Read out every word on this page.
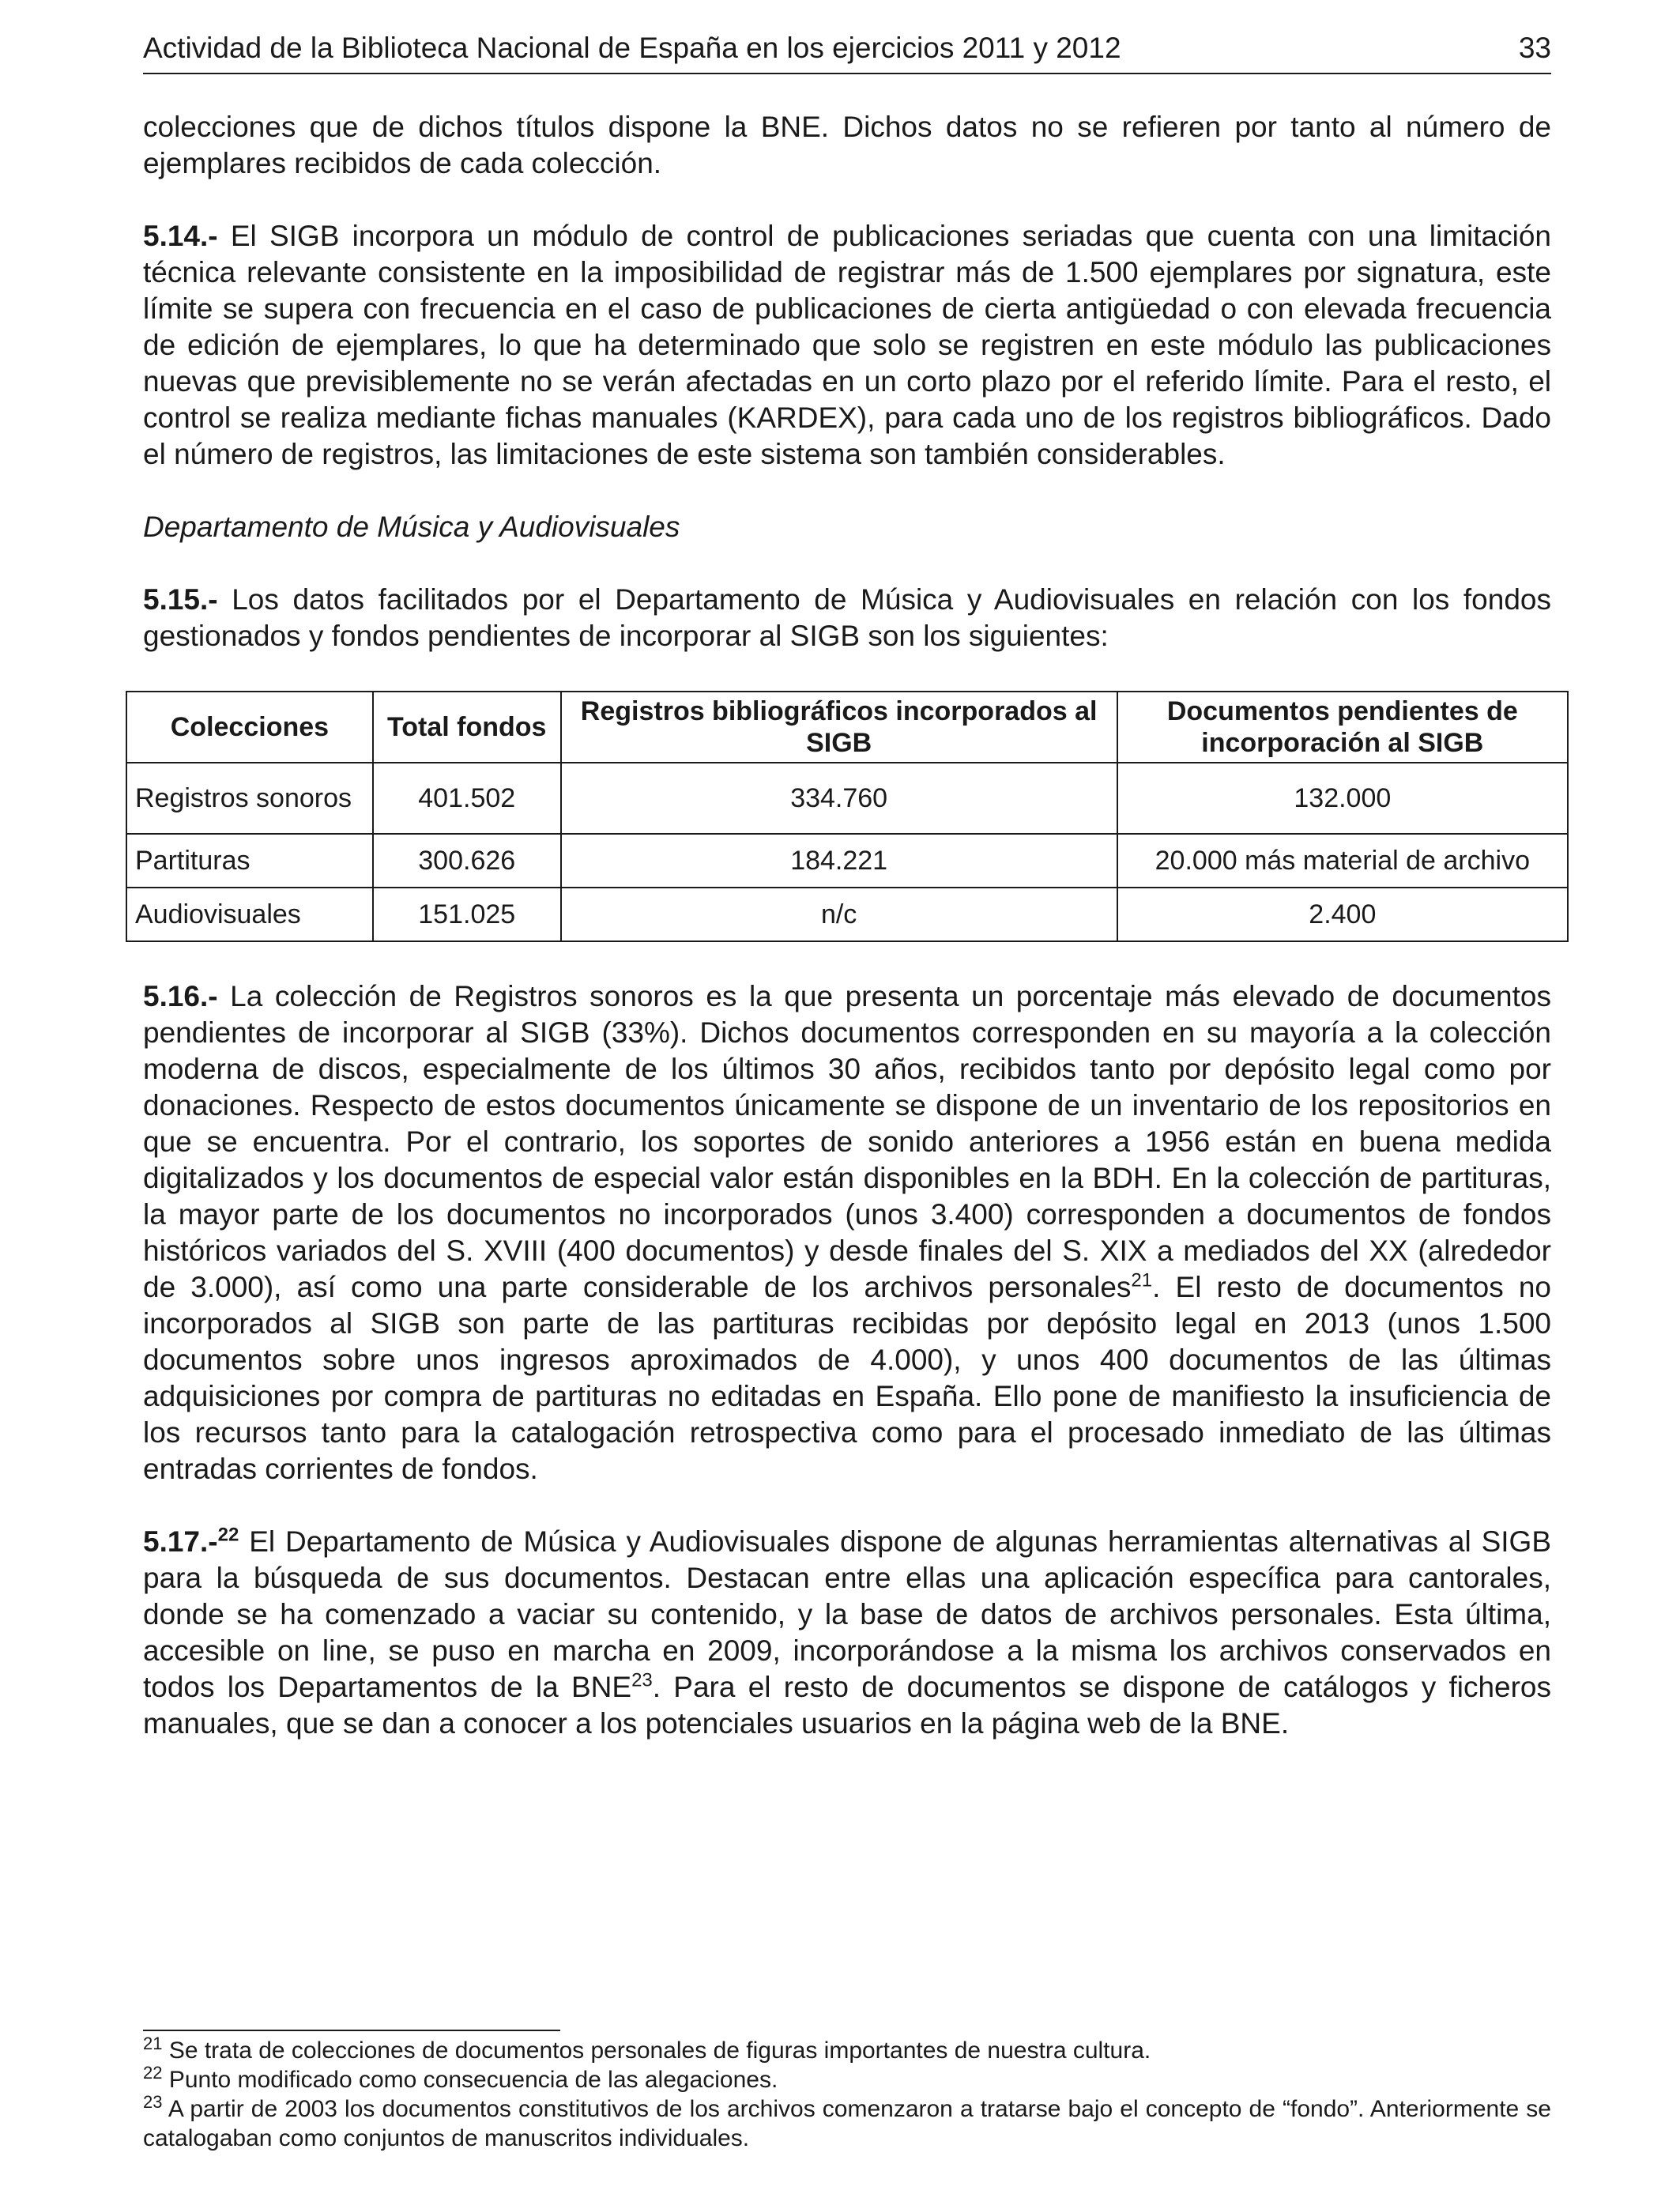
Actividad de la Biblioteca Nacional de España en los ejercicios 2011 y 2012	33

colecciones que de dichos títulos dispone la BNE. Dichos datos no se refieren por tanto al número de ejemplares recibidos de cada colección.

5.14.- El SIGB incorpora un módulo de control de publicaciones seriadas que cuenta con una limitación técnica relevante consistente en la imposibilidad de registrar más de 1.500 ejemplares por signatura, este límite se supera con frecuencia en el caso de publicaciones de cierta antigüedad o con elevada frecuencia de edición de ejemplares, lo que ha determinado que solo se registren en este módulo las publicaciones nuevas que previsiblemente no se verán afectadas en un corto plazo por el referido límite. Para el resto, el control se realiza mediante fichas manuales (KARDEX), para cada uno de los registros bibliográficos. Dado el número de registros, las limitaciones de este sistema son también considerables.

Departamento de Música y Audiovisuales

5.15.- Los datos facilitados por el Departamento de Música y Audiovisuales en relación con los fondos gestionados y fondos pendientes de incorporar al SIGB son los siguientes:

Colecciones	Total fondos	Registros bibliográficos incorporados al SIGB	Documentos pendientes de incorporación al SIGB
Registros sonoros	401.502	334.760	132.000
Partituras	300.626	184.221	20.000 más material de archivo
Audiovisuales	151.025	n/c	2.400

5.16.- La colección de Registros sonoros es la que presenta un porcentaje más elevado de documentos pendientes de incorporar al SIGB (33%). Dichos documentos corresponden en su mayoría a la colección moderna de discos, especialmente de los últimos 30 años, recibidos tanto por depósito legal como por donaciones. Respecto de estos documentos únicamente se dispone de un inventario de los repositorios en que se encuentra. Por el contrario, los soportes de sonido anteriores a 1956 están en buena medida digitalizados y los documentos de especial valor están disponibles en la BDH. En la colección de partituras, la mayor parte de los documentos no incorporados (unos 3.400) corresponden a documentos de fondos históricos variados del S. XVIII (400 documentos) y desde finales del S. XIX a mediados del XX (alrededor de 3.000), así como una parte considerable de los archivos personales$^{21}$. El resto de documentos no incorporados al SIGB son parte de las partituras recibidas por depósito legal en 2013 (unos 1.500 documentos sobre unos ingresos aproximados de 4.000), y unos 400 documentos de las últimas adquisiciones por compra de partituras no editadas en España. Ello pone de manifiesto la insuficiencia de los recursos tanto para la catalogación retrospectiva como para el procesado inmediato de las últimas entradas corrientes de fondos.

5.17.-$^{22}$ El Departamento de Música y Audiovisuales dispone de algunas herramientas alternativas al SIGB para la búsqueda de sus documentos. Destacan entre ellas una aplicación específica para cantorales, donde se ha comenzado a vaciar su contenido, y la base de datos de archivos personales. Esta última, accesible on line, se puso en marcha en 2009, incorporándose a la misma los archivos conservados en todos los Departamentos de la BNE$^{23}$. Para el resto de documentos se dispone de catálogos y ficheros manuales, que se dan a conocer a los potenciales usuarios en la página web de la BNE.

$^{21}$ Se trata de colecciones de documentos personales de figuras importantes de nuestra cultura.

$^{22}$ Punto modificado como consecuencia de las alegaciones.

$^{23}$ A partir de 2003 los documentos constitutivos de los archivos comenzaron a tratarse bajo el concepto de “fondo”. Anteriormente se catalogaban como conjuntos de manuscritos individuales.
